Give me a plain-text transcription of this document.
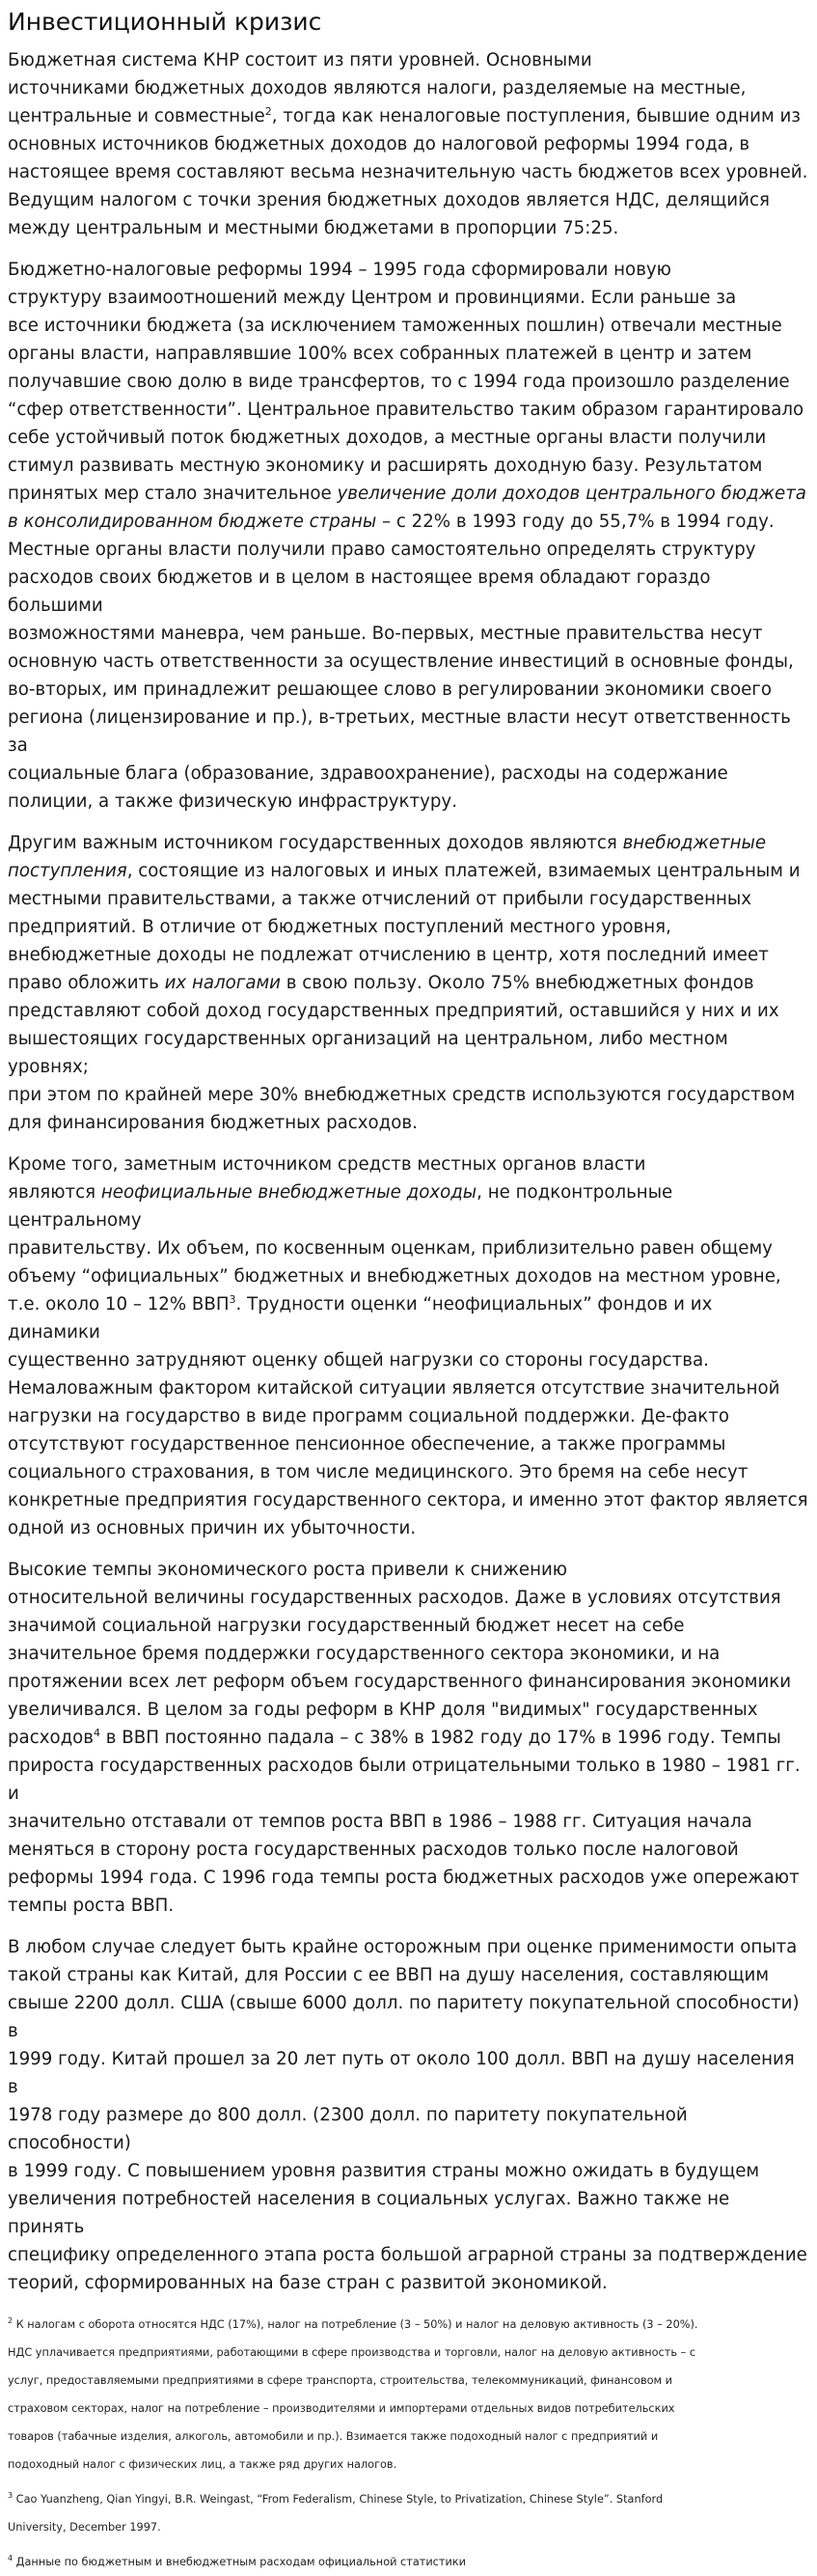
Инвестиционный кризис

Бюджетная система КНР состоит из пяти уровней. Основными
источниками бюджетных доходов являются налоги, разделяемые на местные,
центральные и совместные$^2$, тогда как неналоговые поступления, бывшие одним из
основных источников бюджетных доходов до налоговой реформы 1994 года, в
настоящее время составляют весьма незначительную часть бюджетов всех уровней.
Ведущим налогом с точки зрения бюджетных доходов является НДС, делящийся
между центральным и местными бюджетами в пропорции 75:25.

Бюджетно-налоговые реформы 1994 – 1995 года сформировали новую
структуру взаимоотношений между Центром и провинциями. Если раньше за
все источники бюджета (за исключением таможенных пошлин) отвечали местные
органы власти, направлявшие 100% всех собранных платежей в центр и затем
получавшие свою долю в виде трансфертов, то с 1994 года произошло разделение
“сфер ответственности”. Центральное правительство таким образом гарантировало
себе устойчивый поток бюджетных доходов, а местные органы власти получили
стимул развивать местную экономику и расширять доходную базу. Результатом
принятых мер стало значительное увеличение доли доходов центрального бюджета
в консолидированном бюджете страны – с 22% в 1993 году до 55,7% в 1994 году.
Местные органы власти получили право самостоятельно определять структуру
расходов своих бюджетов и в целом в настоящее время обладают гораздо большими
возможностями маневра, чем раньше. Во-первых, местные правительства несут
основную часть ответственности за осуществление инвестиций в основные фонды,
во-вторых, им принадлежит решающее слово в регулировании экономики своего
региона (лицензирование и пр.), в-третьих, местные власти несут ответственность за
социальные блага (образование, здравоохранение), расходы на содержание
полиции, а также физическую инфраструктуру.

Другим важным источником государственных доходов являются внебюджетные
поступления, состоящие из налоговых и иных платежей, взимаемых центральным и
местными правительствами, а также отчислений от прибыли государственных
предприятий. В отличие от бюджетных поступлений местного уровня,
внебюджетные доходы не подлежат отчислению в центр, хотя последний имеет
право обложить их налогами в свою пользу. Около 75% внебюджетных фондов
представляют собой доход государственных предприятий, оставшийся у них и их
вышестоящих государственных организаций на центральном, либо местном уровнях;
при этом по крайней мере 30% внебюджетных средств используются государством
для финансирования бюджетных расходов.

Кроме того, заметным источником средств местных органов власти
являются неофициальные внебюджетные доходы, не подконтрольные центральному
правительству. Их объем, по косвенным оценкам, приблизительно равен общему
объему “официальных” бюджетных и внебюджетных доходов на местном уровне,
т.е. около 10 – 12% ВВП$^3$. Трудности оценки “неофициальных” фондов и их динамики
существенно затрудняют оценку общей нагрузки со стороны государства.
Немаловажным фактором китайской ситуации является отсутствие значительной
нагрузки на государство в виде программ социальной поддержки. Де-факто
отсутствуют государственное пенсионное обеспечение, а также программы
социального страхования, в том числе медицинского. Это бремя на себе несут
конкретные предприятия государственного сектора, и именно этот фактор является
одной из основных причин их убыточности.

Высокие темпы экономического роста привели к снижению
относительной величины государственных расходов. Даже в условиях отсутствия
значимой социальной нагрузки государственный бюджет несет на себе
значительное бремя поддержки государственного сектора экономики, и на
протяжении всех лет реформ объем государственного финансирования экономики
увеличивался. В целом за годы реформ в КНР доля "видимых" государственных
расходов$^4$ в ВВП постоянно падала – с 38% в 1982 году до 17% в 1996 году. Темпы
прироста государственных расходов были отрицательными только в 1980 – 1981 гг. и
значительно отставали от темпов роста ВВП в 1986 – 1988 гг. Ситуация начала
меняться в сторону роста государственных расходов только после налоговой
реформы 1994 года. С 1996 года темпы роста бюджетных расходов уже опережают
темпы роста ВВП.

В любом случае следует быть крайне осторожным при оценке применимости опыта
такой страны как Китай, для России с ее ВВП на душу населения, составляющим
свыше 2200 долл. США (свыше 6000 долл. по паритету покупательной способности) в
1999 году. Китай прошел за 20 лет путь от около 100 долл. ВВП на душу населения в
1978 году размере до 800 долл. (2300 долл. по паритету покупательной способности)
в 1999 году. С повышением уровня развития страны можно ожидать в будущем
увеличения потребностей населения в социальных услугах. Важно также не принять
специфику определенного этапа роста большой аграрной страны за подтверждение
теорий, сформированных на базе стран с развитой экономикой.

$^2$ К налогам с оборота относятся НДС (17%), налог на потребление (3 – 50%) и налог на деловую активность (3 – 20%).
НДС уплачивается предприятиями, работающими в сфере производства и торговли, налог на деловую активность – с
услуг, предоставляемыми предприятиями в сфере транспорта, строительства, телекоммуникаций, финансовом и
страховом секторах, налог на потребление – производителями и импортерами отдельных видов потребительских
товаров (табачные изделия, алкоголь, автомобили и пр.). Взимается также подоходный налог с предприятий и
подоходный налог с физических лиц, а также ряд других налогов.

$^3$ Cao Yuanzheng, Qian Yingyi, B.R. Weingast, “From Federalism, Chinese Style, to Privatization, Chinese Style”. Stanford
University, December 1997.

$^4$ Данные по бюджетным и внебюджетным расходам официальной статистики
